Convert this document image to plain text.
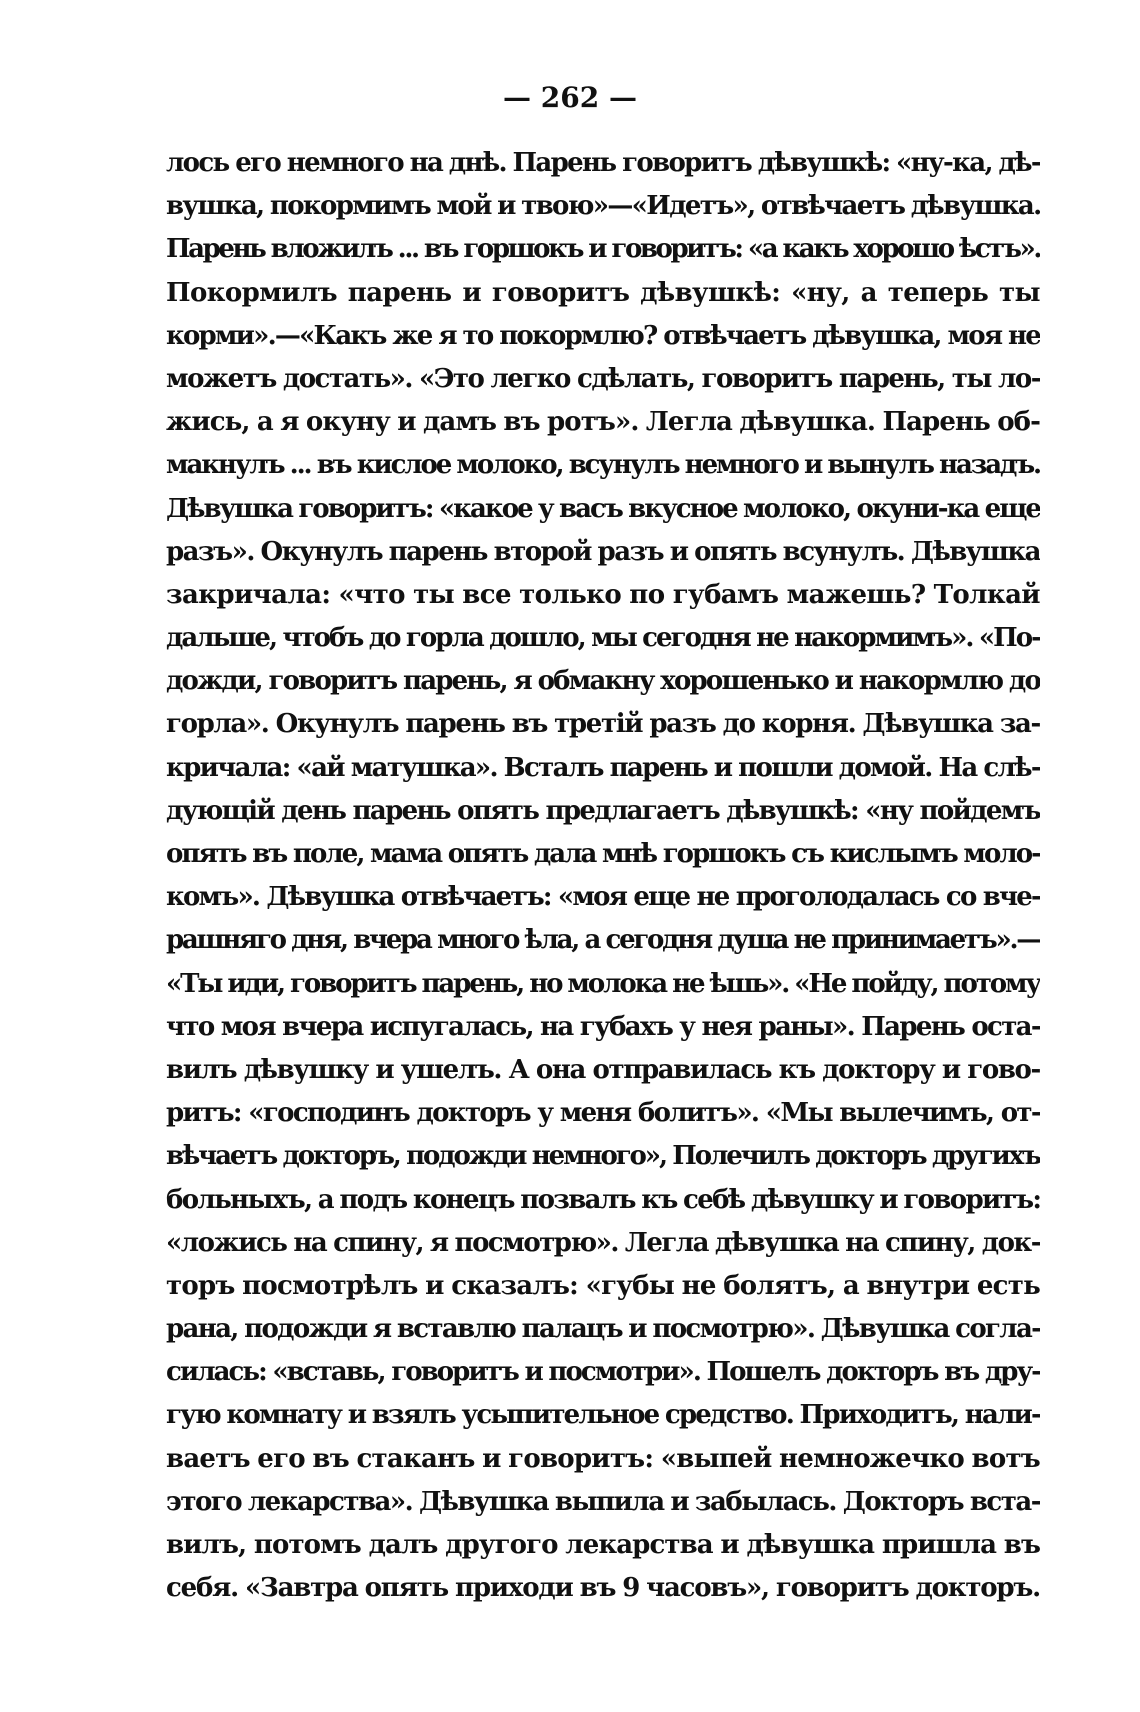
— 262 —
лось его немного на днѣ. Парень говоритъ дѣвушкѣ: «ну-ка, дѣ-
вушка, покормимъ мой и твою»—«Идетъ», отвѣчаетъ дѣвушка.
Парень вложилъ ... въ горшокъ и говоритъ: «а какъ хорошо ѣстъ».
Покормилъ парень и говоритъ дѣвушкѣ: «ну, а теперь ты
корми».—«Какъ же я то покормлю? отвѣчаетъ дѣвушка, моя не
можетъ достать». «Это легко сдѣлать, говоритъ парень, ты ло-
жись, а я окуну и дамъ въ ротъ». Легла дѣвушка. Парень об-
макнулъ ... въ кислое молоко, всунулъ немного и вынулъ назадъ.
Дѣвушка говоритъ: «какое у васъ вкусное молоко, окуни-ка еще
разъ». Окунулъ парень второй разъ и опять всунулъ. Дѣвушка
закричала: «что ты все только по губамъ мажешь? Толкай
дальше, чтобъ до горла дошло, мы сегодня не накормимъ». «По-
дожди, говоритъ парень, я обмакну хорошенько и накормлю до
горла». Окунулъ парень въ третій разъ до корня. Дѣвушка за-
кричала: «ай матушка». Всталъ парень и пошли домой. На слѣ-
дующій день парень опять предлагаетъ дѣвушкѣ: «ну пойдемъ
опять въ поле, мама опять дала мнѣ горшокъ съ кислымъ моло-
комъ». Дѣвушка отвѣчаетъ: «моя еще не проголодалась со вче-
рашняго дня, вчера много ѣла, а сегодня душа не принимаетъ».—
«Ты иди, говоритъ парень, но молока не ѣшь». «Не пойду, потому
что моя вчера испугалась, на губахъ у нея раны». Парень оста-
вилъ дѣвушку и ушелъ. А она отправилась къ доктору и гово-
ритъ: «господинъ докторъ у меня болитъ». «Мы вылечимъ, от-
вѣчаетъ докторъ, подожди немного», Полечилъ докторъ другихъ
больныхъ, а подъ конецъ позвалъ къ себѣ дѣвушку и говоритъ:
«ложись на спину, я посмотрю». Легла дѣвушка на спину, док-
торъ посмотрѣлъ и сказалъ: «губы не болятъ, а внутри есть
рана, подожди я вставлю палацъ и посмотрю». Дѣвушка согла-
силась: «вставь, говоритъ и посмотри». Пошелъ докторъ въ дру-
гую комнату и взялъ усыпительное средство. Приходитъ, нали-
ваетъ его въ стаканъ и говоритъ: «выпей немножечко вотъ
этого лекарства». Дѣвушка выпила и забылась. Докторъ вста-
вилъ, потомъ далъ другого лекарства и дѣвушка пришла въ
себя. «Завтра опять приходи въ 9 часовъ», говоритъ докторъ.
